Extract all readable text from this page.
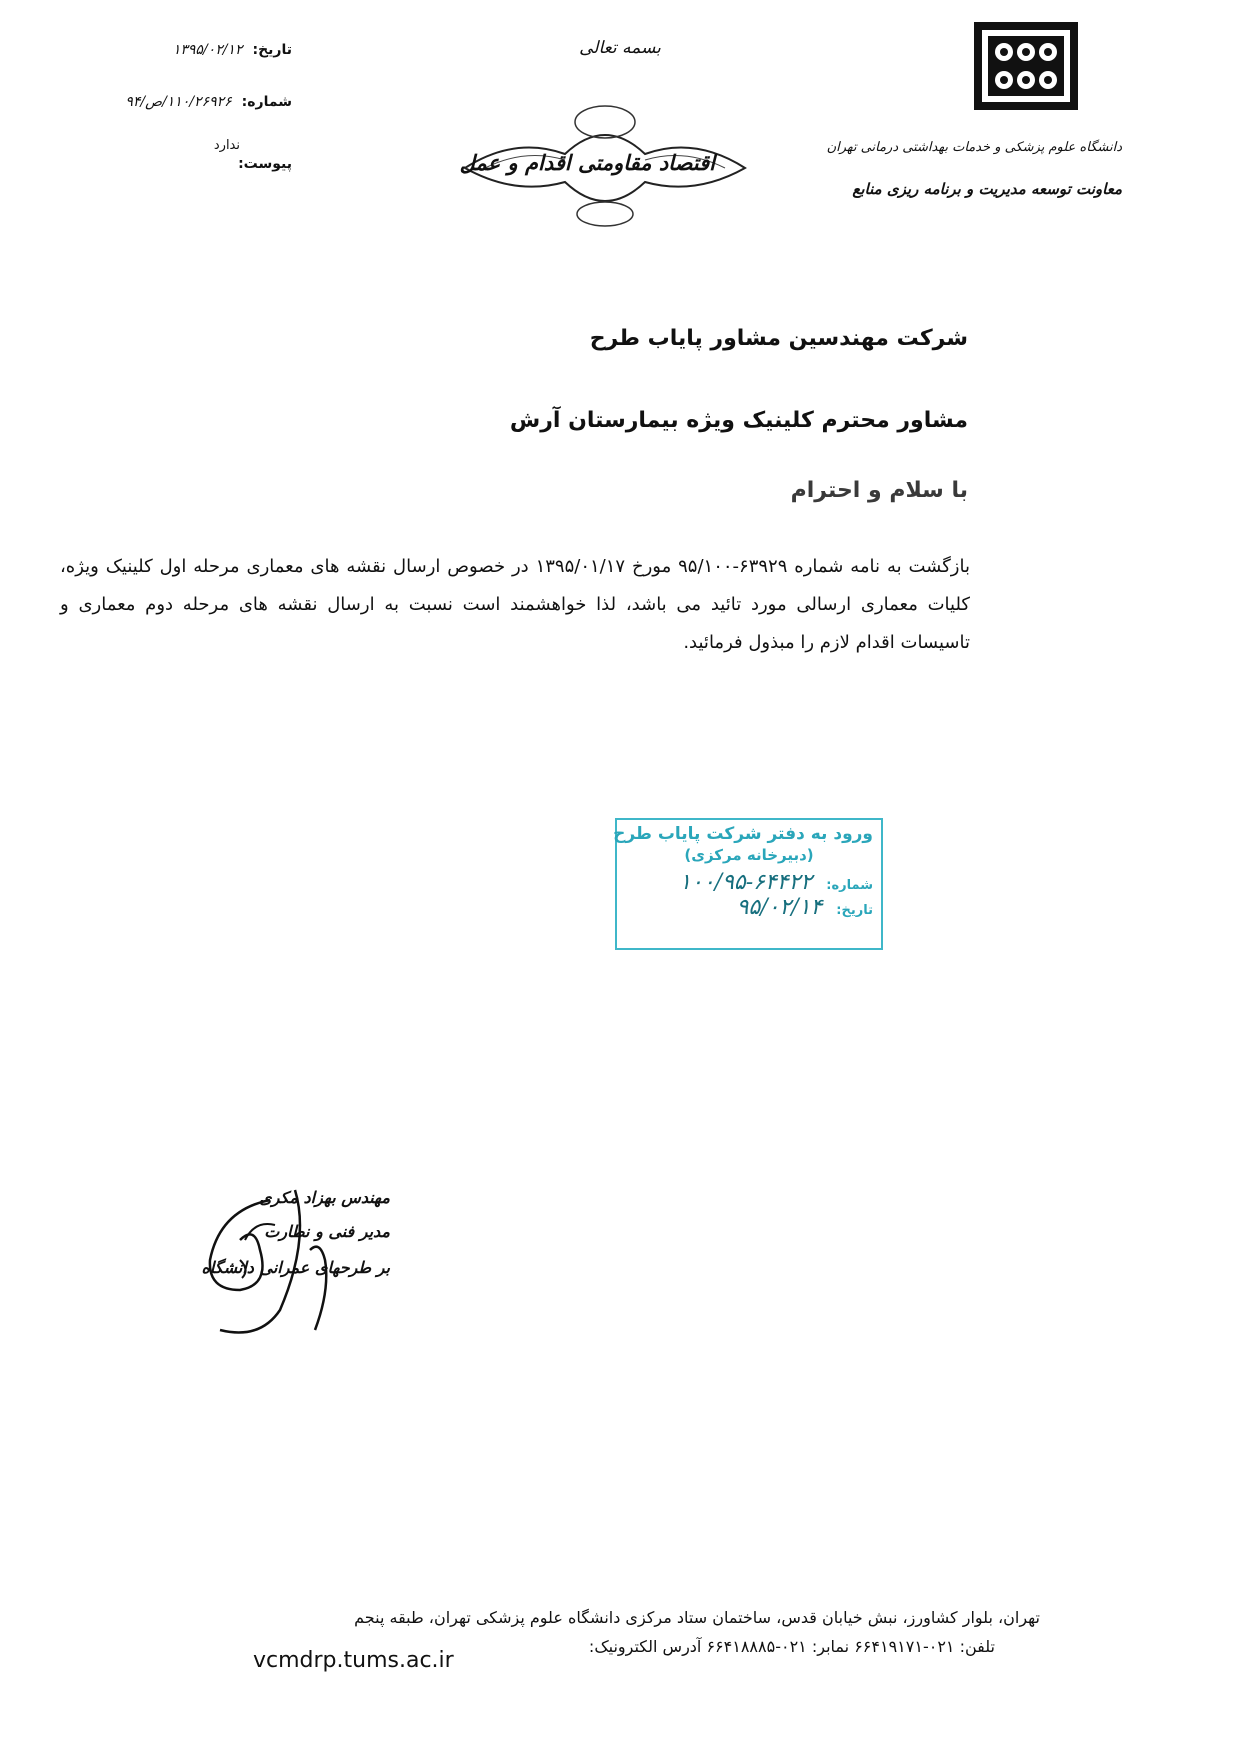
دانشگاه علوم پزشکی و خدمات بهداشتی درمانی تهران
معاونت توسعه مدیریت و برنامه ریزی منابع
بسمه تعالی
اقتصاد مقاومتی اقدام و عمل
تاریخ:
۱۳۹۵/۰۲/۱۲
شماره:
۱۱۰/۲۶۹۲۶/ص/۹۴
پیوست:
ندارد
شرکت مهندسین مشاور پایاب طرح
مشاور محترم کلینیک ویژه بیمارستان آرش
با سلام و احترام
بازگشت به نامه شماره ۶۳۹۲۹-۹۵/۱۰۰ مورخ ۱۳۹۵/۰۱/۱۷ در خصوص ارسال نقشه های معماری مرحله اول کلینیک ویژه، کلیات معماری ارسالی مورد تائید می باشد، لذا خواهشمند است نسبت به ارسال نقشه های مرحله دوم معماری و تاسیسات اقدام لازم را مبذول فرمائید.
ورود به دفتر شرکت پایاب طرح
(دبیرخانه مرکزی)
شماره:
۱۰۰/۹۵-۶۴۴۲۲
تاریخ:
۹۵/۰۲/۱۴
مهندس بهزاد مکری
مدیر فنی و نظارت
بر طرحهای عمرانی دانشگاه
تهران، بلوار کشاورز، نبش خیابان قدس، ساختمان ستاد مرکزی دانشگاه علوم پزشکی تهران، طبقه پنجم
تلفن: ۰۲۱-۶۶۴۱۹۱۷۱ نمابر: ۰۲۱-۶۶۴۱۸۸۸۵ آدرس الکترونیک:
vcmdrp.tums.ac.ir
